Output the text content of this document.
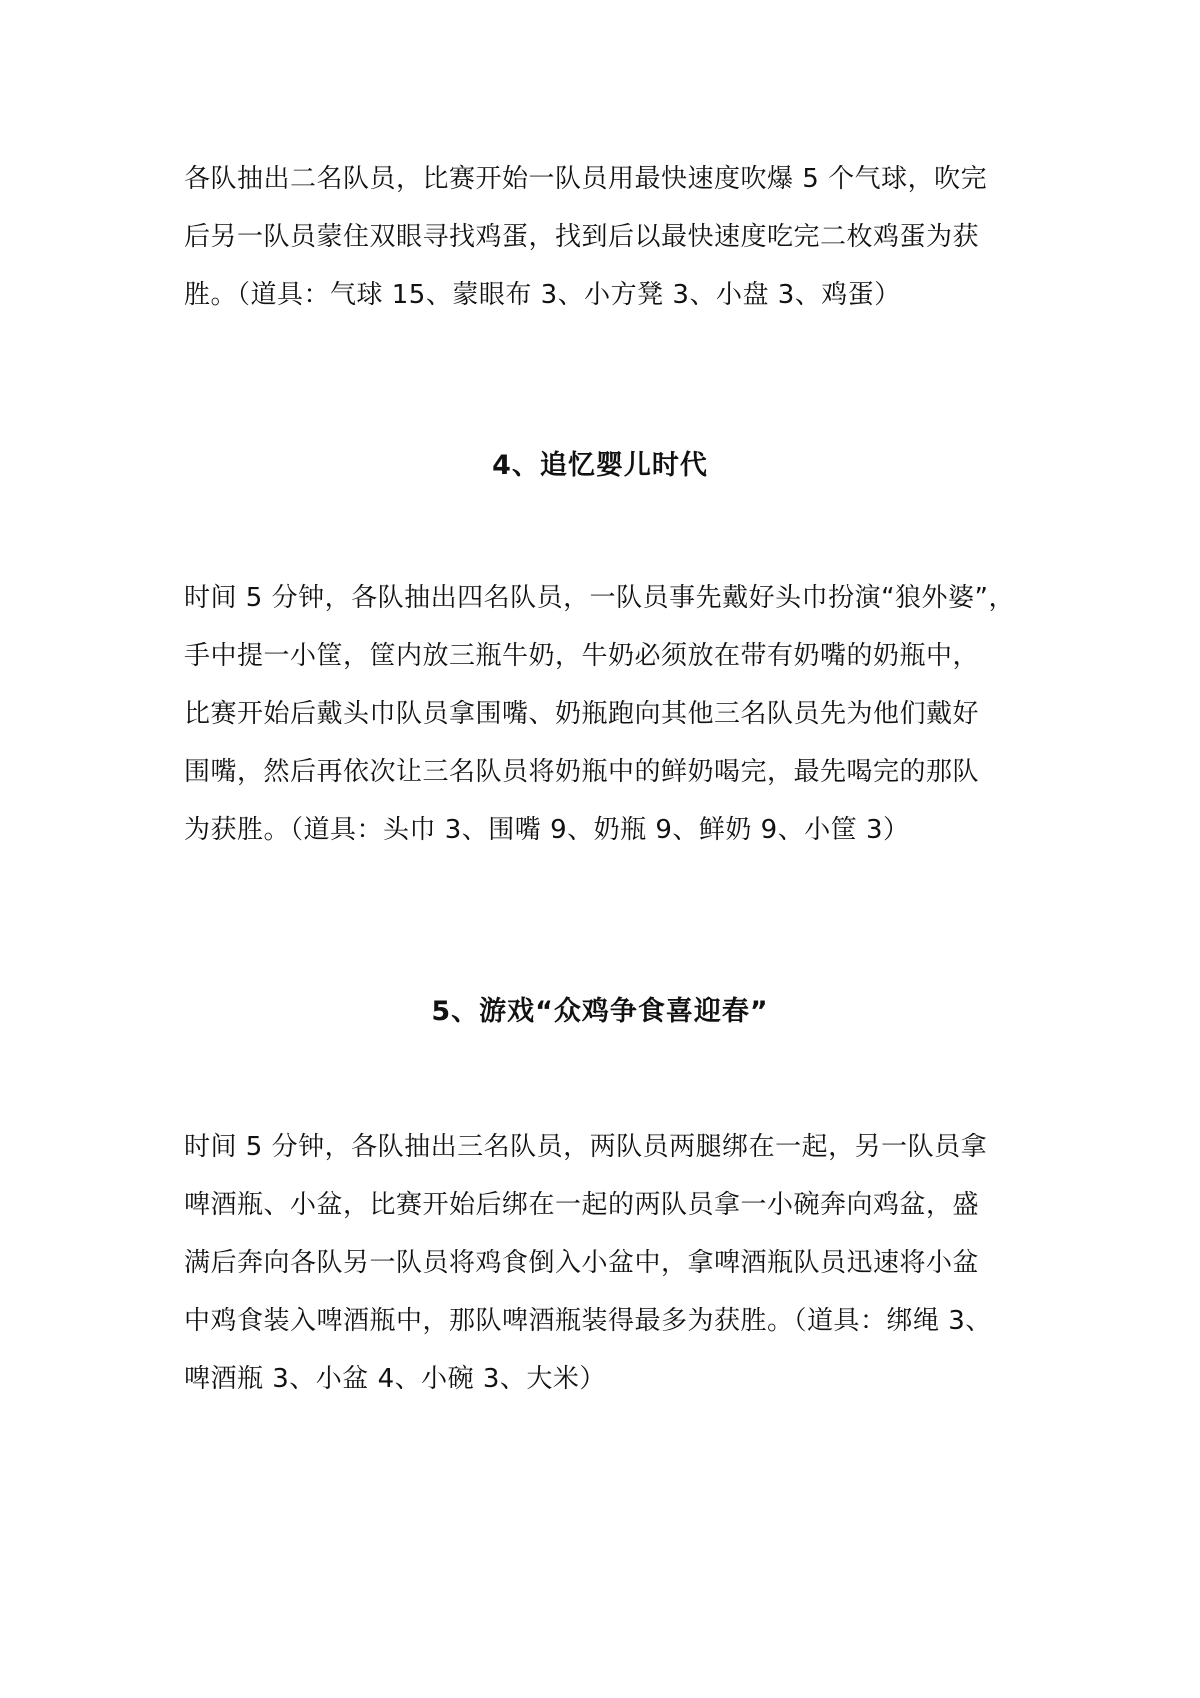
各队抽出二名队员，比赛开始一队员用最快速度吹爆 5 个气球，吹完
后另一队员蒙住双眼寻找鸡蛋，找到后以最快速度吃完二枚鸡蛋为获
胜。（道具：气球 15、蒙眼布 3、小方凳 3、小盘 3、鸡蛋）

4、追忆婴儿时代

时间 5 分钟，各队抽出四名队员，一队员事先戴好头巾扮演“狼外婆”，
手中提一小筐，筐内放三瓶牛奶，牛奶必须放在带有奶嘴的奶瓶中，
比赛开始后戴头巾队员拿围嘴、奶瓶跑向其他三名队员先为他们戴好
围嘴，然后再依次让三名队员将奶瓶中的鲜奶喝完，最先喝完的那队
为获胜。（道具：头巾 3、围嘴 9、奶瓶 9、鲜奶 9、小筐 3）

5、游戏“众鸡争食喜迎春”

时间 5 分钟，各队抽出三名队员，两队员两腿绑在一起，另一队员拿
啤酒瓶、小盆，比赛开始后绑在一起的两队员拿一小碗奔向鸡盆，盛
满后奔向各队另一队员将鸡食倒入小盆中，拿啤酒瓶队员迅速将小盆
中鸡食装入啤酒瓶中，那队啤酒瓶装得最多为获胜。（道具：绑绳 3、
啤酒瓶 3、小盆 4、小碗 3、大米）
